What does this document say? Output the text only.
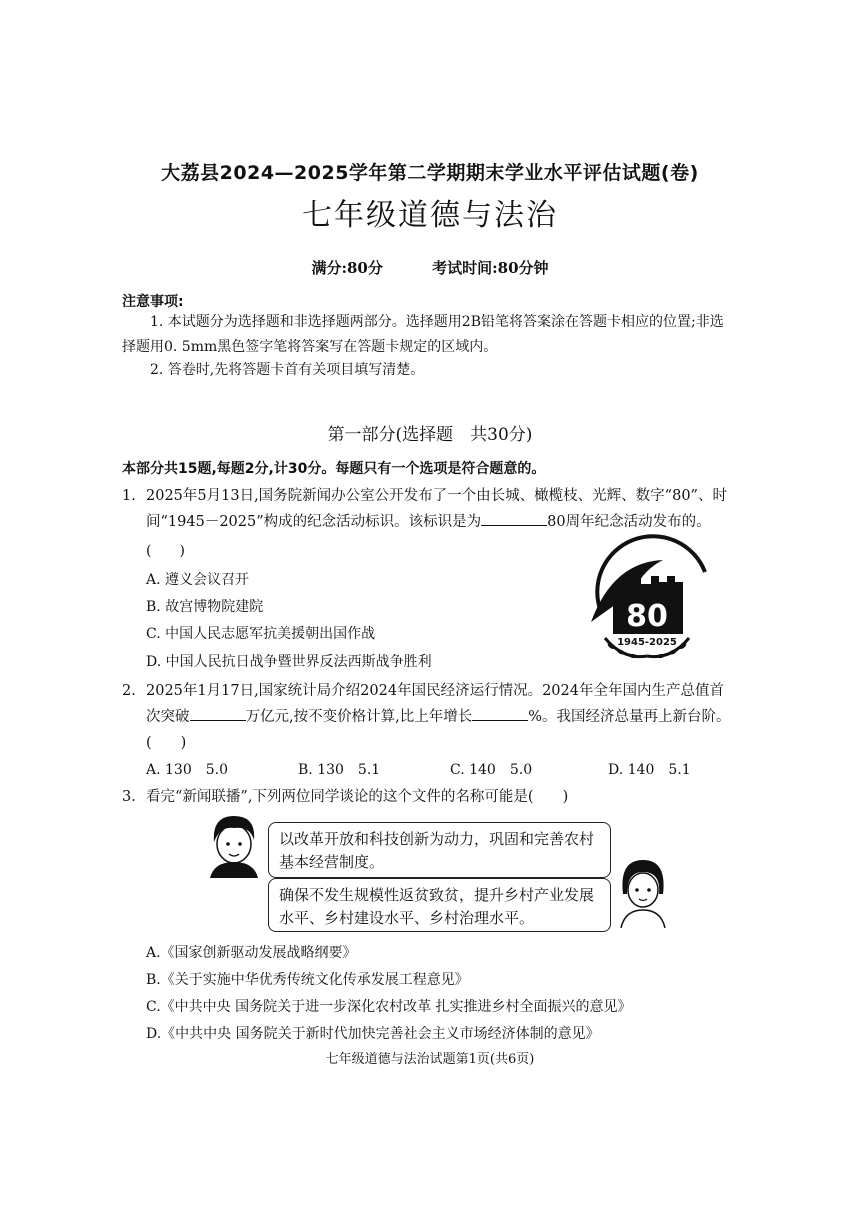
大荔县2024—2025学年第二学期期末学业水平评估试题(卷)
七年级道德与法治
满分:80分	考试时间:80分钟
注意事项:
1. 本试题分为选择题和非选择题两部分。选择题用2B铅笔将答案涂在答题卡相应的位置;非选择题用0. 5mm黑色签字笔将答案写在答题卡规定的区域内。
2. 答卷时,先将答题卡首有关项目填写清楚。
第一部分(选择题　共30分)
本部分共15题,每题2分,计30分。每题只有一个选项是符合题意的。
1. 2025年5月13日,国务院新闻办公室公开发布了一个由长城、橄榄枝、光辉、数字“80”、时间“1945－2025”构成的纪念活动标识。该标识是为	80周年纪念活动发布的。
(　　)
A. 遵义会议召开
B. 故宫博物院建院
C. 中国人民志愿军抗美援朝出国作战
D. 中国人民抗日战争暨世界反法西斯战争胜利
80
1945-2025
2. 2025年1月17日,国家统计局介绍2024年国民经济运行情况。2024年全年国内生产总值首次突破	万亿元,按不变价格计算,比上年增长	%。我国经济总量再上新台阶。(　　)
A. 130　5.0	B. 130　5.1	C. 140　5.0	D. 140　5.1
3. 看完“新闻联播”,下列两位同学谈论的这个文件的名称可能是(　　)
以改革开放和科技创新为动力，巩固和完善农村基本经营制度。
确保不发生规模性返贫致贫，提升乡村产业发展水平、乡村建设水平、乡村治理水平。
A.《国家创新驱动发展战略纲要》
B.《关于实施中华优秀传统文化传承发展工程意见》
C.《中共中央 国务院关于进一步深化农村改革 扎实推进乡村全面振兴的意见》
D.《中共中央 国务院关于新时代加快完善社会主义市场经济体制的意见》
七年级道德与法治试题第1页(共6页)
